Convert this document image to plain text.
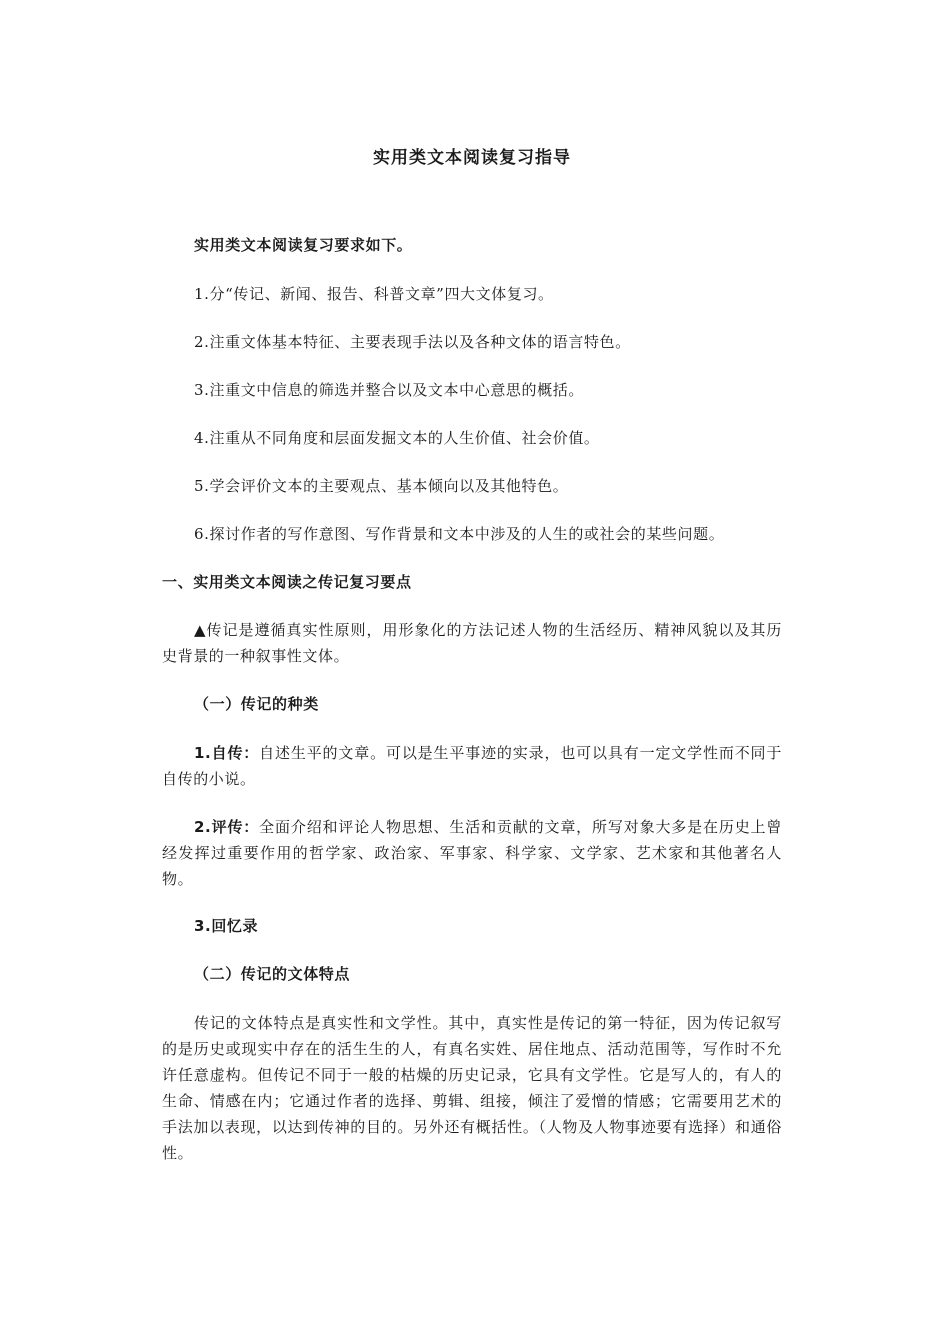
实用类文本阅读复习指导
实用类文本阅读复习要求如下。
1.分“传记、新闻、报告、科普文章”四大文体复习。
2.注重文体基本特征、主要表现手法以及各种文体的语言特色。
3.注重文中信息的筛选并整合以及文本中心意思的概括。
4.注重从不同角度和层面发掘文本的人生价值、社会价值。
5.学会评价文本的主要观点、基本倾向以及其他特色。
6.探讨作者的写作意图、写作背景和文本中涉及的人生的或社会的某些问题。
一、实用类文本阅读之传记复习要点
▲传记是遵循真实性原则，用形象化的方法记述人物的生活经历、精神风貌以及其历史背景的一种叙事性文体。
（一）传记的种类
1.自传：自述生平的文章。可以是生平事迹的实录，也可以具有一定文学性而不同于自传的小说。
2.评传：全面介绍和评论人物思想、生活和贡献的文章，所写对象大多是在历史上曾经发挥过重要作用的哲学家、政治家、军事家、科学家、文学家、艺术家和其他著名人物。
3.回忆录
（二）传记的文体特点
传记的文体特点是真实性和文学性。其中，真实性是传记的第一特征，因为传记叙写的是历史或现实中存在的活生生的人，有真名实姓、居住地点、活动范围等，写作时不允许任意虚构。但传记不同于一般的枯燥的历史记录，它具有文学性。它是写人的，有人的生命、情感在内；它通过作者的选择、剪辑、组接，倾注了爱憎的情感；它需要用艺术的手法加以表现，以达到传神的目的。另外还有概括性。（人物及人物事迹要有选择）和通俗性。
